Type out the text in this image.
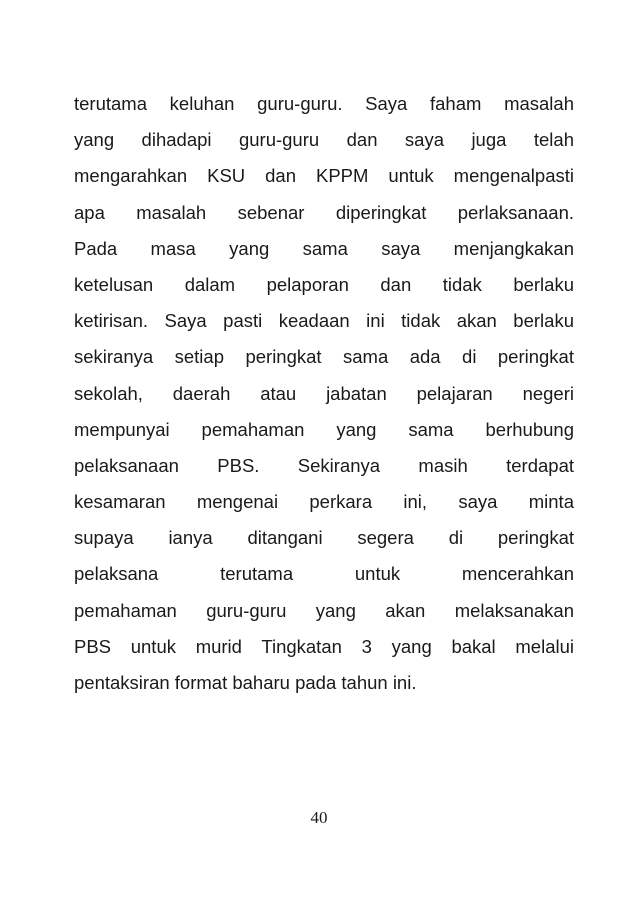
terutama keluhan guru-guru. Saya faham masalah
yang dihadapi guru-guru dan saya juga telah
mengarahkan KSU dan KPPM untuk mengenalpasti
apa masalah sebenar diperingkat perlaksanaan.
Pada masa yang sama saya menjangkakan
ketelusan dalam pelaporan dan tidak berlaku
ketirisan. Saya pasti keadaan ini tidak akan berlaku
sekiranya setiap peringkat sama ada di peringkat
sekolah, daerah atau jabatan pelajaran negeri
mempunyai pemahaman yang sama berhubung
pelaksanaan PBS. Sekiranya masih terdapat
kesamaran mengenai perkara ini, saya minta
supaya ianya ditangani segera di peringkat
pelaksana terutama untuk mencerahkan
pemahaman guru-guru yang akan melaksanakan
PBS untuk murid Tingkatan 3 yang bakal melalui
pentaksiran format baharu pada tahun ini.
40
